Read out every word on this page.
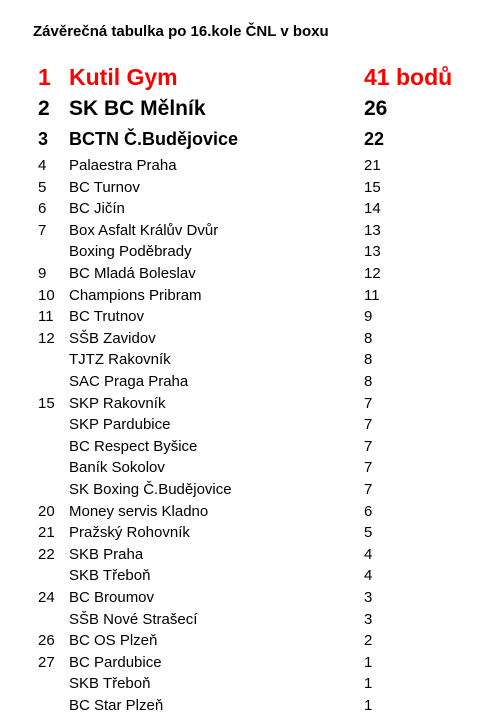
Závěrečná tabulka po 16.kole ČNL v boxu
1 Kutil Gym	41 bodů
2 SK BC Mělník	26
3 BCTN Č.Budějovice	22
4 Palaestra Praha	21
5 BC Turnov	15
6 BC Jičín	14
7 Box Asfalt Králův Dvůr	13
Boxing Poděbrady	13
9 BC Mladá Boleslav	12
10 Champions Pribram	11
11 BC Trutnov	9
12 SŠB Zavidov	8
TJTZ Rakovník	8
SAC Praga Praha	8
15 SKP Rakovník	7
SKP Pardubice	7
BC Respect Byšice	7
Baník Sokolov	7
SK Boxing Č.Budějovice	7
20 Money servis Kladno	6
21 Pražský Rohovník	5
22 SKB Praha	4
SKB Třeboň	4
24 BC Broumov	3
SŠB Nové Strašecí	3
26 BC OS Plzeň	2
27 BC Pardubice	1
SKB Třeboň	1
BC Star Plzeň	1
